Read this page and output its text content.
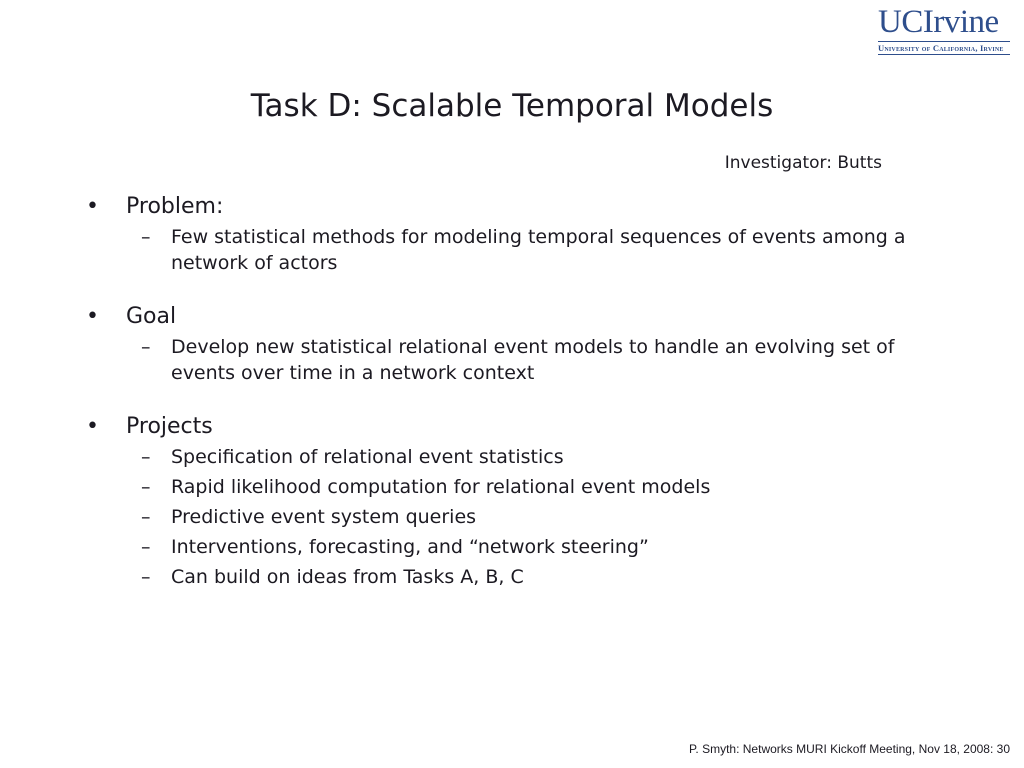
UCIrvine
University of California, Irvine
Task D: Scalable Temporal Models
Investigator: Butts
• Problem:
– Few statistical methods for modeling temporal sequences of events among a network of actors
• Goal
– Develop new statistical relational event models to handle an evolving set of events over time in a network context
• Projects
– Specification of relational event statistics
– Rapid likelihood computation for relational event models
– Predictive event system queries
– Interventions, forecasting, and “network steering”
– Can build on ideas from Tasks A, B, C
P. Smyth: Networks MURI Kickoff Meeting, Nov 18, 2008: 30
